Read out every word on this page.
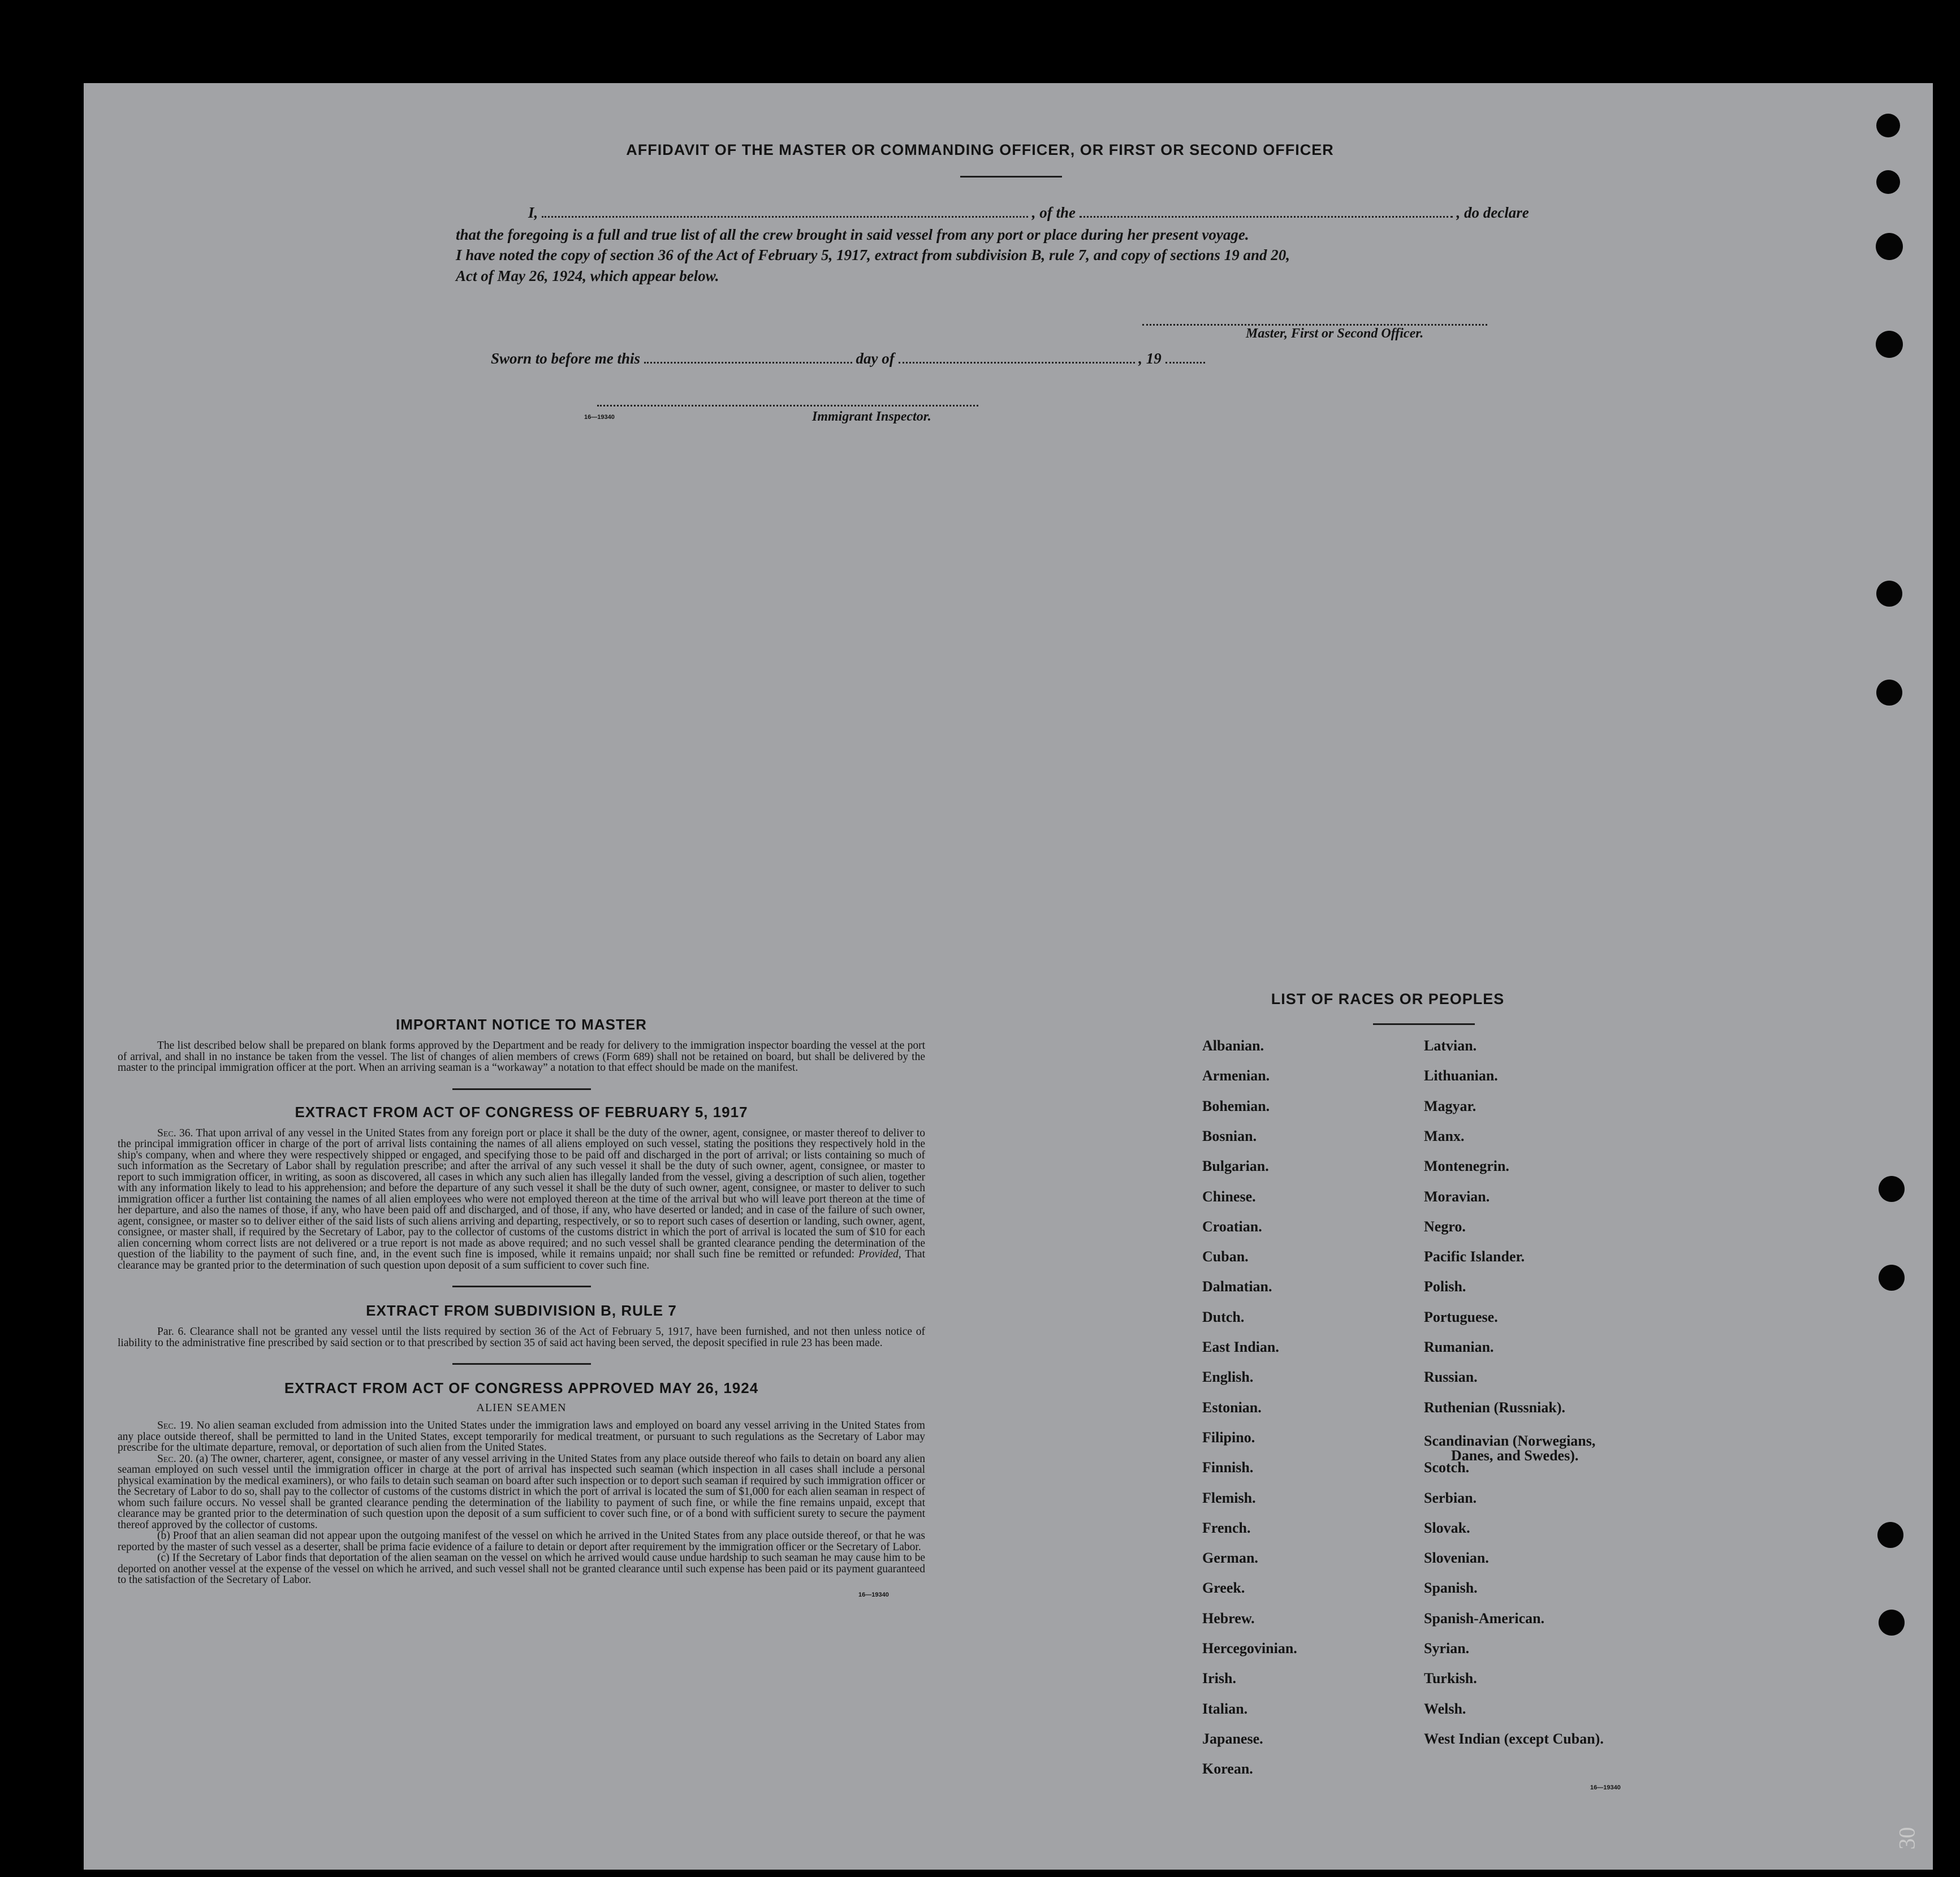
AFFIDAVIT OF THE MASTER OR COMMANDING OFFICER, OR FIRST OR SECOND OFFICER
I,	, of the	, do declare
that the foregoing is a full and true list of all the crew brought in said vessel from any port or place during her present voyage.
I have noted the copy of section 36 of the Act of February 5, 1917, extract from subdivision B, rule 7, and copy of sections 19 and 20,
Act of May 26, 1924, which appear below.
Master, First or Second Officer.
Sworn to before me this	day of	, 19
16—19340	Immigrant Inspector.
IMPORTANT NOTICE TO MASTER

The list described below shall be prepared on blank forms approved by the Department and be ready for delivery to the immigration inspector boarding the vessel at the port of arrival, and shall in no instance be taken from the vessel. The list of changes of alien members of crews (Form 689) shall not be retained on board, but shall be delivered by the master to the principal immigration officer at the port. When an arriving seaman is a “workaway” a notation to that effect should be made on the manifest.

EXTRACT FROM ACT OF CONGRESS OF FEBRUARY 5, 1917

Sec. 36. That upon arrival of any vessel in the United States from any foreign port or place it shall be the duty of the owner, agent, consignee, or master thereof to deliver to the principal immigration officer in charge of the port of arrival lists containing the names of all aliens employed on such vessel, stating the positions they respectively hold in the ship's company, when and where they were respectively shipped or engaged, and specifying those to be paid off and discharged in the port of arrival; or lists containing so much of such information as the Secretary of Labor shall by regulation prescribe; and after the arrival of any such vessel it shall be the duty of such owner, agent, consignee, or master to report to such immigration officer, in writing, as soon as discovered, all cases in which any such alien has illegally landed from the vessel, giving a description of such alien, together with any information likely to lead to his apprehension; and before the departure of any such vessel it shall be the duty of such owner, agent, consignee, or master to deliver to such immigration officer a further list containing the names of all alien employees who were not employed thereon at the time of the arrival but who will leave port thereon at the time of her departure, and also the names of those, if any, who have been paid off and discharged, and of those, if any, who have deserted or landed; and in case of the failure of such owner, agent, consignee, or master so to deliver either of the said lists of such aliens arriving and departing, respectively, or so to report such cases of desertion or landing, such owner, agent, consignee, or master shall, if required by the Secretary of Labor, pay to the collector of customs of the customs district in which the port of arrival is located the sum of $10 for each alien concerning whom correct lists are not delivered or a true report is not made as above required; and no such vessel shall be granted clearance pending the determination of the question of the liability to the payment of such fine, and, in the event such fine is imposed, while it remains unpaid; nor shall such fine be remitted or refunded: Provided, That clearance may be granted prior to the determination of such question upon deposit of a sum sufficient to cover such fine.

EXTRACT FROM SUBDIVISION B, RULE 7

Par. 6. Clearance shall not be granted any vessel until the lists required by section 36 of the Act of February 5, 1917, have been furnished, and not then unless notice of liability to the administrative fine prescribed by said section or to that prescribed by section 35 of said act having been served, the deposit specified in rule 23 has been made.

EXTRACT FROM ACT OF CONGRESS APPROVED MAY 26, 1924
ALIEN SEAMEN

Sec. 19. No alien seaman excluded from admission into the United States under the immigration laws and employed on board any vessel arriving in the United States from any place outside thereof, shall be permitted to land in the United States, except temporarily for medical treatment, or pursuant to such regulations as the Secretary of Labor may prescribe for the ultimate departure, removal, or deportation of such alien from the United States.

Sec. 20. (a) The owner, charterer, agent, consignee, or master of any vessel arriving in the United States from any place outside thereof who fails to detain on board any alien seaman employed on such vessel until the immigration officer in charge at the port of arrival has inspected such seaman (which inspection in all cases shall include a personal physical examination by the medical examiners), or who fails to detain such seaman on board after such inspection or to deport such seaman if required by such immigration officer or the Secretary of Labor to do so, shall pay to the collector of customs of the customs district in which the port of arrival is located the sum of $1,000 for each alien seaman in respect of whom such failure occurs. No vessel shall be granted clearance pending the determination of the liability to payment of such fine, or while the fine remains unpaid, except that clearance may be granted prior to the determination of such question upon the deposit of a sum sufficient to cover such fine, or of a bond with sufficient surety to secure the payment thereof approved by the collector of customs.

(b) Proof that an alien seaman did not appear upon the outgoing manifest of the vessel on which he arrived in the United States from any place outside thereof, or that he was reported by the master of such vessel as a deserter, shall be prima facie evidence of a failure to detain or deport after requirement by the immigration officer or the Secretary of Labor.

(c) If the Secretary of Labor finds that deportation of the alien seaman on the vessel on which he arrived would cause undue hardship to such seaman he may cause him to be deported on another vessel at the expense of the vessel on which he arrived, and such vessel shall not be granted clearance until such expense has been paid or its payment guaranteed to the satisfaction of the Secretary of Labor.

16—19340
LIST OF RACES OR PEOPLES
16—19340
Albanian.
Armenian.
Bohemian.
Bosnian.
Bulgarian.
Chinese.
Croatian.
Cuban.
Dalmatian.
Dutch.
East Indian.
English.
Estonian.
Filipino.
Finnish.
Flemish.
French.
German.
Greek.
Hebrew.
Hercegovinian.
Irish.
Italian.
Japanese.
Korean.
Latvian.
Lithuanian.
Magyar.
Manx.
Montenegrin.
Moravian.
Negro.
Pacific Islander.
Polish.
Portuguese.
Rumanian.
Russian.
Ruthenian (Russniak).
Scandinavian (Norwegians,
Danes, and Swedes).
Scotch.
Serbian.
Slovak.
Slovenian.
Spanish.
Spanish-American.
Syrian.
Turkish.
Welsh.
West Indian (except Cuban).
30
